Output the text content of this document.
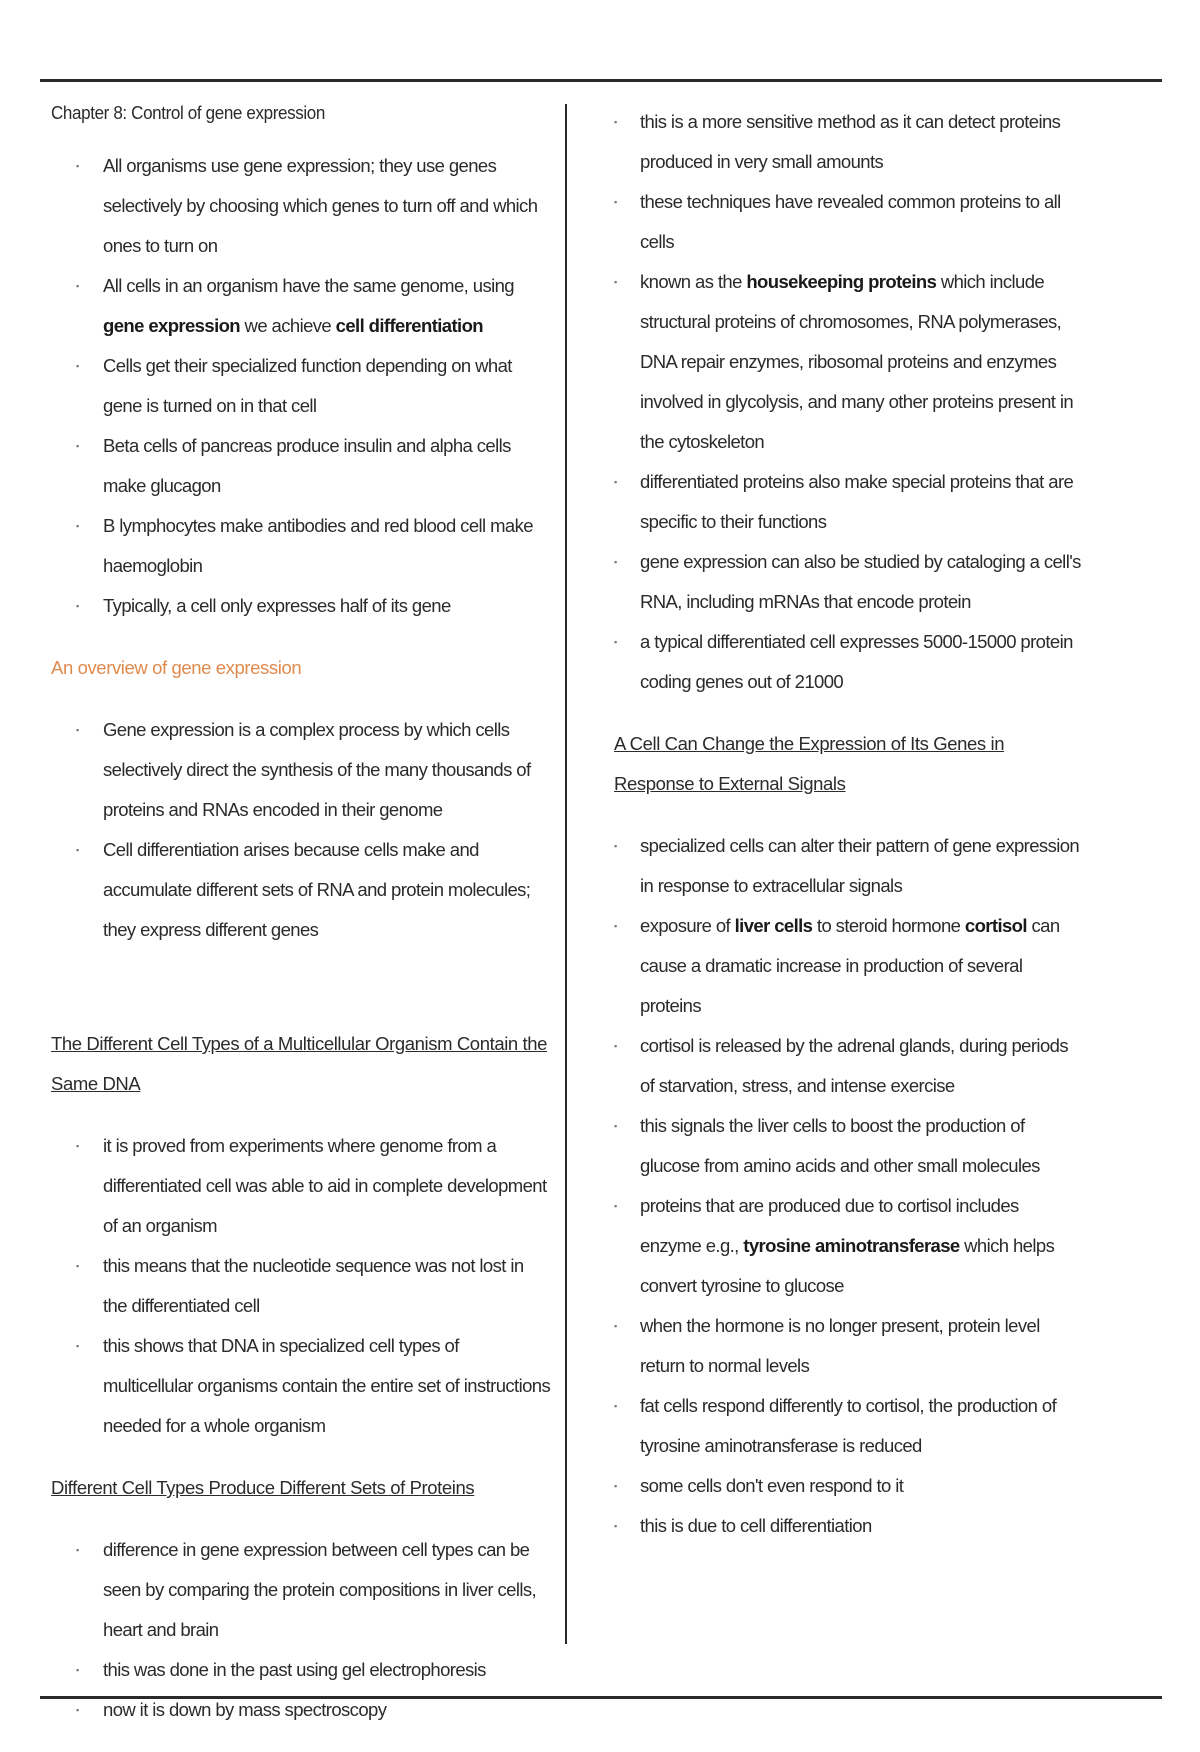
Chapter 8: Control of gene expression
▪ All organisms use gene expression; they use genes selectively by choosing which genes to turn off and which ones to turn on
▪ All cells in an organism have the same genome, using gene expression we achieve cell differentiation
▪ Cells get their specialized function depending on what gene is turned on in that cell
▪ Beta cells of pancreas produce insulin and alpha cells make glucagon
▪ B lymphocytes make antibodies and red blood cell make haemoglobin
▪ Typically, a cell only expresses half of its gene
An overview of gene expression
▪ Gene expression is a complex process by which cells selectively direct the synthesis of the many thousands of proteins and RNAs encoded in their genome
▪ Cell differentiation arises because cells make and accumulate different sets of RNA and protein molecules; they express different genes
The Different Cell Types of a Multicellular Organism Contain the Same DNA
▪ it is proved from experiments where genome from a differentiated cell was able to aid in complete development of an organism
▪ this means that the nucleotide sequence was not lost in the differentiated cell
▪ this shows that DNA in specialized cell types of multicellular organisms contain the entire set of instructions needed for a whole organism
Different Cell Types Produce Different Sets of Proteins
▪ difference in gene expression between cell types can be seen by comparing the protein compositions in liver cells, heart and brain
▪ this was done in the past using gel electrophoresis
▪ now it is down by mass spectroscopy
▪ this is a more sensitive method as it can detect proteins produced in very small amounts
▪ these techniques have revealed common proteins to all cells
▪ known as the housekeeping proteins which include structural proteins of chromosomes, RNA polymerases, DNA repair enzymes, ribosomal proteins and enzymes involved in glycolysis, and many other proteins present in the cytoskeleton
▪ differentiated proteins also make special proteins that are specific to their functions
▪ gene expression can also be studied by cataloging a cell's RNA, including mRNAs that encode protein
▪ a typical differentiated cell expresses 5000-15000 protein coding genes out of 21000
A Cell Can Change the Expression of Its Genes in Response to External Signals
▪ specialized cells can alter their pattern of gene expression in response to extracellular signals
▪ exposure of liver cells to steroid hormone cortisol can cause a dramatic increase in production of several proteins
▪ cortisol is released by the adrenal glands, during periods of starvation, stress, and intense exercise
▪ this signals the liver cells to boost the production of glucose from amino acids and other small molecules
▪ proteins that are produced due to cortisol includes enzyme e.g., tyrosine aminotransferase which helps convert tyrosine to glucose
▪ when the hormone is no longer present, protein level return to normal levels
▪ fat cells respond differently to cortisol, the production of tyrosine aminotransferase is reduced
▪ some cells don't even respond to it
▪ this is due to cell differentiation
